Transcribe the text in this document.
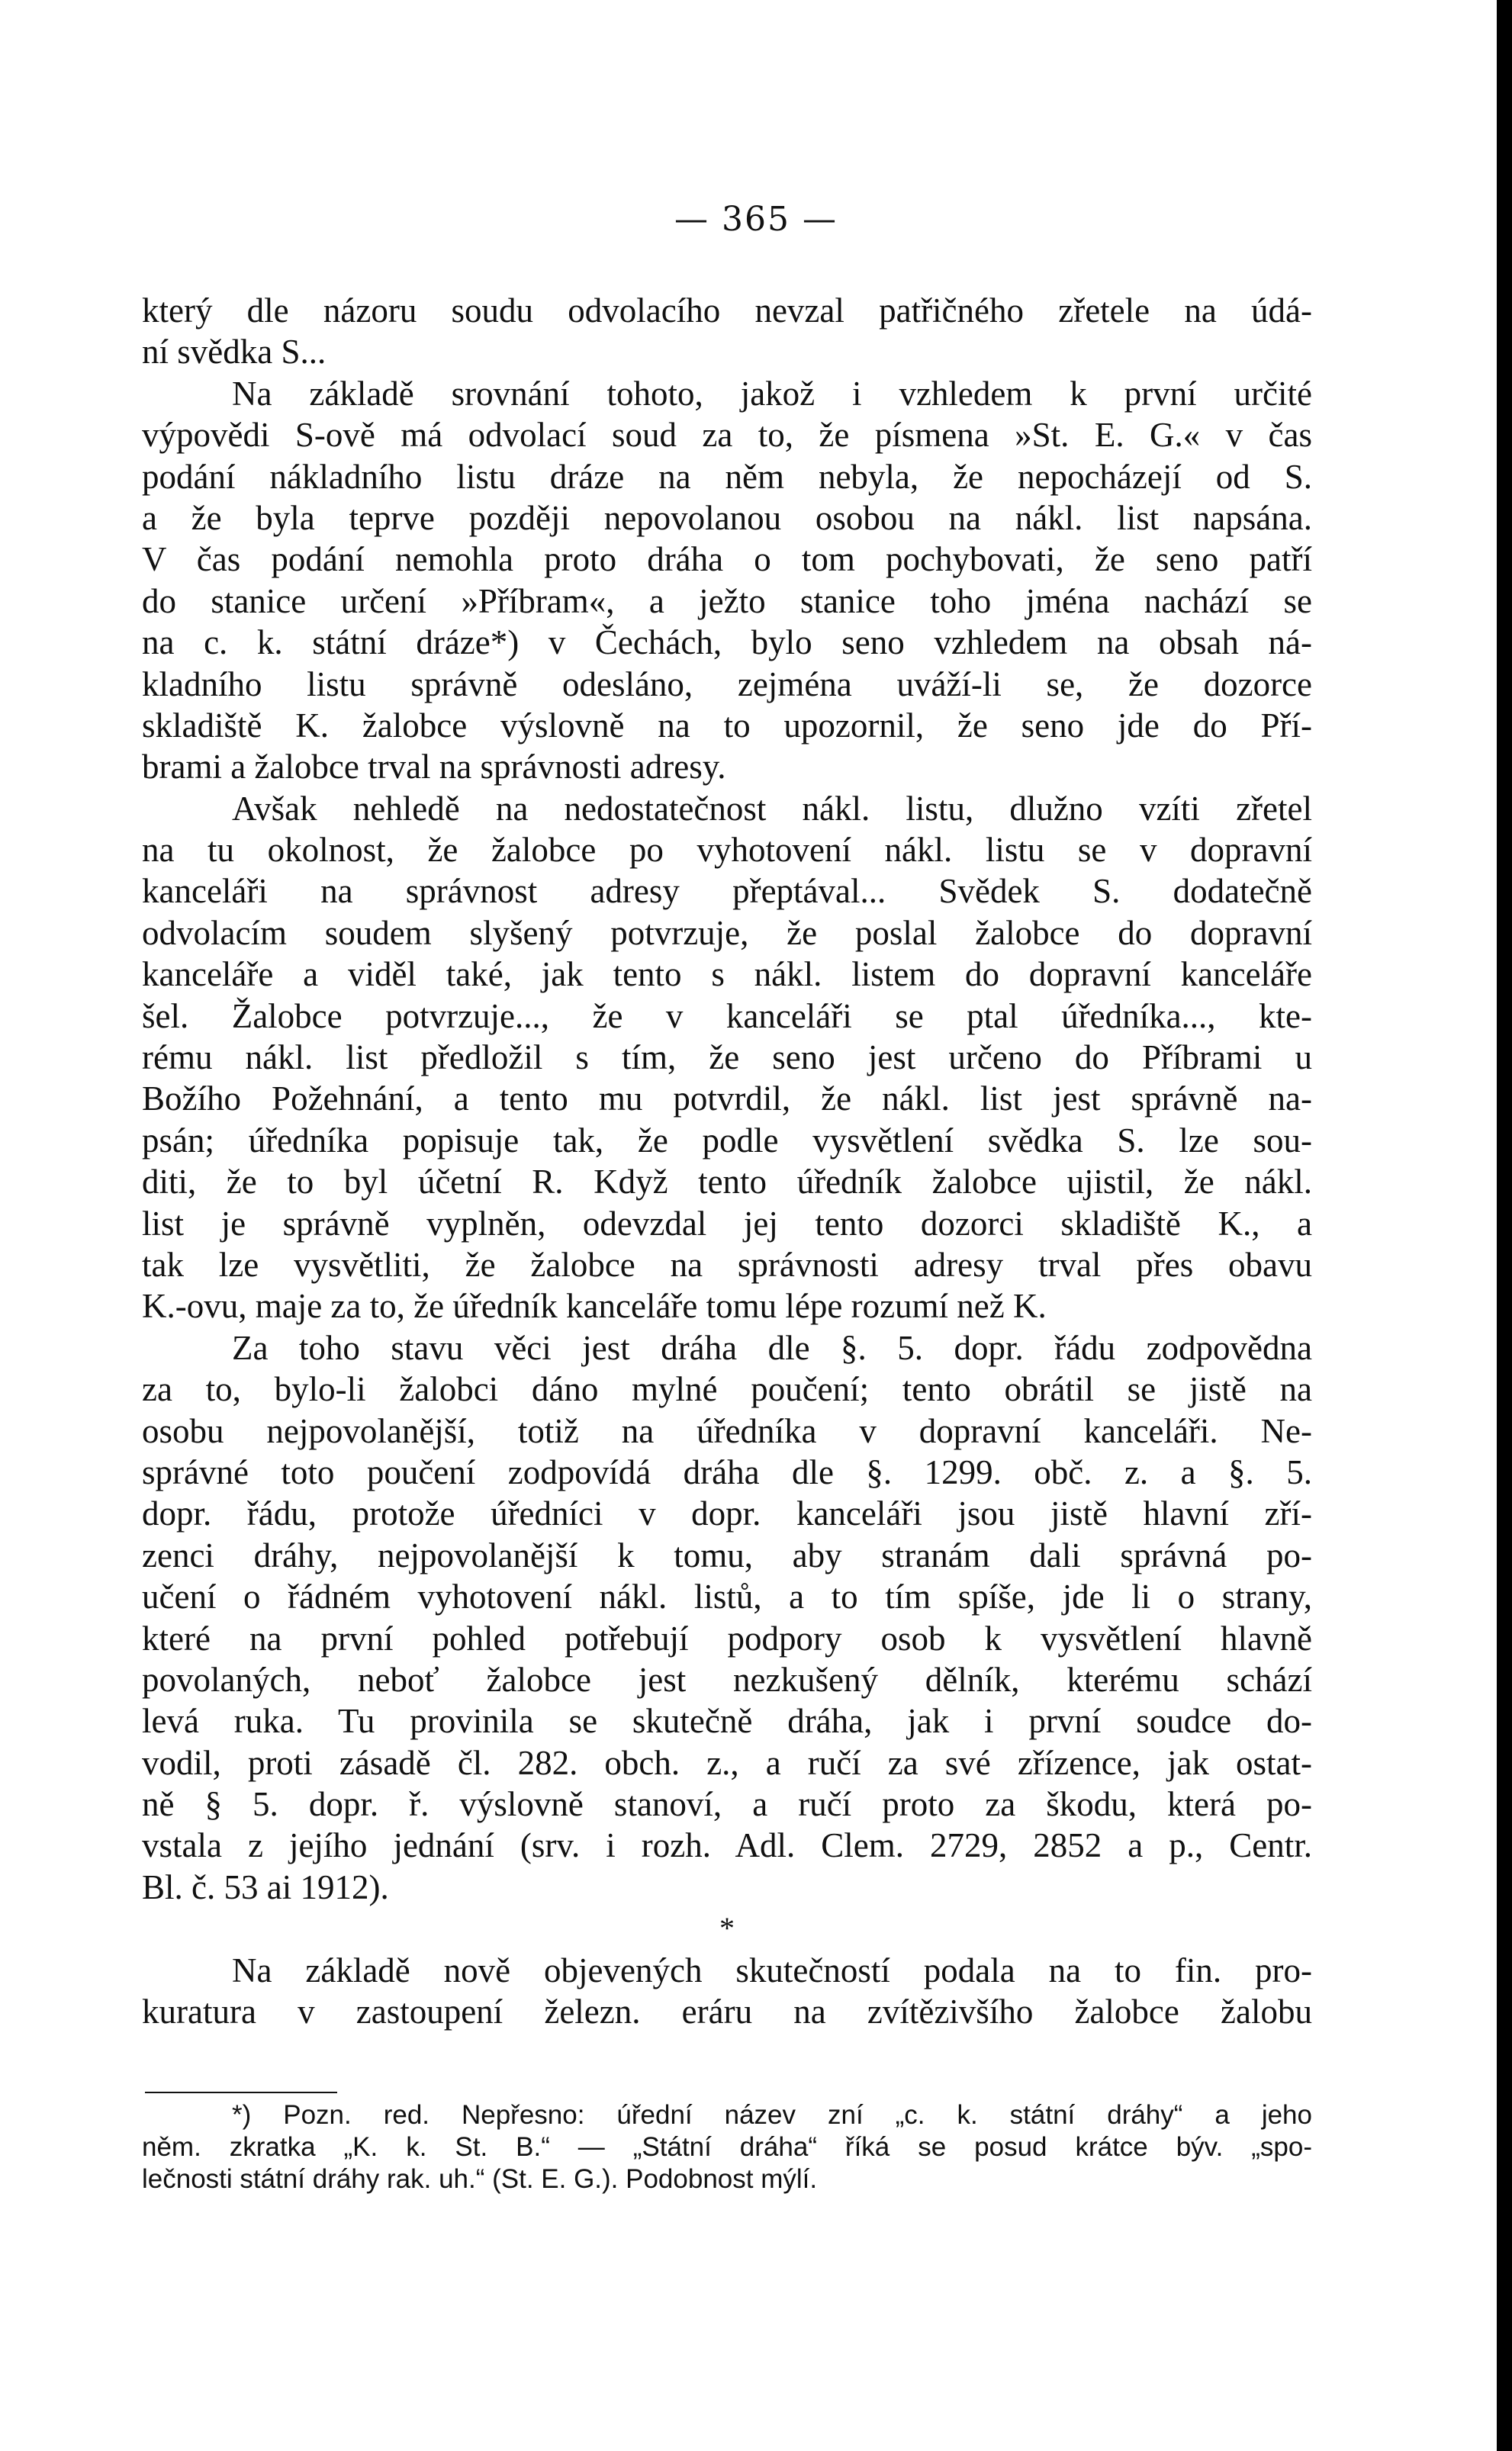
— 365 —
který dle názoru soudu odvolacího nevzal patřičného zřetele na údá-
ní svědka S...
Na základě srovnání tohoto, jakož i vzhledem k první určité
výpovědi S-ově má odvolací soud za to, že písmena »St. E. G.« v čas
podání nákladního listu dráze na něm nebyla, že nepocházejí od S.
a že byla teprve později nepovolanou osobou na nákl. list napsána.
V čas podání nemohla proto dráha o tom pochybovati, že seno patří
do stanice určení »Příbram«, a ježto stanice toho jména nachází se
na c. k. státní dráze*) v Čechách, bylo seno vzhledem na obsah ná-
kladního listu správně odesláno, zejména uváží-li se, že dozorce
skladiště K. žalobce výslovně na to upozornil, že seno jde do Pří-
brami a žalobce trval na správnosti adresy.
Avšak nehledě na nedostatečnost nákl. listu, dlužno vzíti zřetel
na tu okolnost, že žalobce po vyhotovení nákl. listu se v dopravní
kanceláři na správnost adresy přeptával... Svědek S. dodatečně
odvolacím soudem slyšený potvrzuje, že poslal žalobce do dopravní
kanceláře a viděl také, jak tento s nákl. listem do dopravní kanceláře
šel. Žalobce potvrzuje..., že v kanceláři se ptal úředníka..., kte-
rému nákl. list předložil s tím, že seno jest určeno do Příbrami u
Božího Požehnání, a tento mu potvrdil, že nákl. list jest správně na-
psán; úředníka popisuje tak, že podle vysvětlení svědka S. lze sou-
diti, že to byl účetní R. Když tento úředník žalobce ujistil, že nákl.
list je správně vyplněn, odevzdal jej tento dozorci skladiště K., a
tak lze vysvětliti, že žalobce na správnosti adresy trval přes obavu
K.-ovu, maje za to, že úředník kanceláře tomu lépe rozumí než K.
Za toho stavu věci jest dráha dle §. 5. dopr. řádu zodpovědna
za to, bylo-li žalobci dáno mylné poučení; tento obrátil se jistě na
osobu nejpovolanější, totiž na úředníka v dopravní kanceláři. Ne-
správné toto poučení zodpovídá dráha dle §. 1299. obč. z. a §. 5.
dopr. řádu, protože úředníci v dopr. kanceláři jsou jistě hlavní zří-
zenci dráhy, nejpovolanější k tomu, aby stranám dali správná po-
učení o řádném vyhotovení nákl. listů, a to tím spíše, jde li o strany,
které na první pohled potřebují podpory osob k vysvětlení hlavně
povolaných, neboť žalobce jest nezkušený dělník, kterému schází
levá ruka. Tu provinila se skutečně dráha, jak i první soudce do-
vodil, proti zásadě čl. 282. obch. z., a ručí za své zřízence, jak ostat-
ně § 5. dopr. ř. výslovně stanoví, a ručí proto za škodu, která po-
vstala z jejího jednání (srv. i rozh. Adl. Clem. 2729, 2852 a p., Centr.
Bl. č. 53 ai 1912).
*
Na základě nově objevených skutečností podala na to fin. pro-
kuratura v zastoupení železn. eráru na zvítězivšího žalobce žalobu
*) Pozn. red. Nepřesno: úřední název zní „c. k. státní dráhy“ a jeho
něm. zkratka „K. k. St. B.“ — „Státní dráha“ říká se posud krátce býv. „spo-
lečnosti státní dráhy rak. uh.“ (St. E. G.). Podobnost mýlí.
